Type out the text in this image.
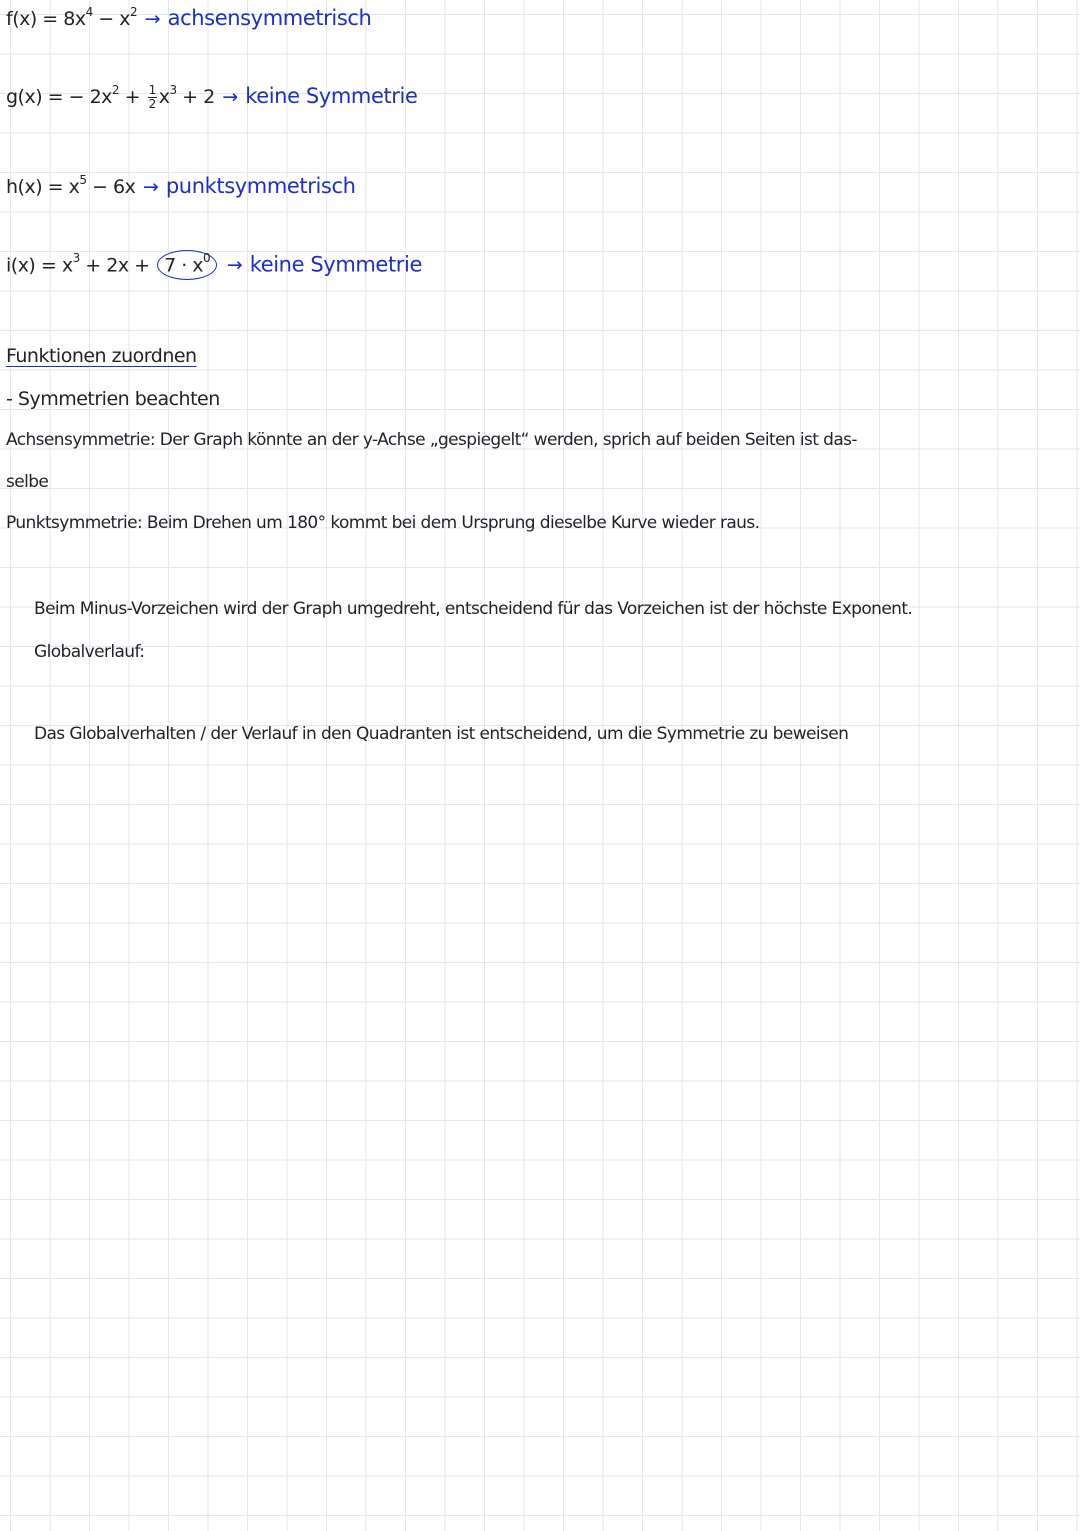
$f(x) = 8x^4 - x^2$ → achsensymmetrisch
g(x) = − $2x^2 + \frac{1}{2} x^3 + 2$ → keine Symmetrie
$h(x) = x^5 - 6x$ → punktsymmetrisch
$i(x) = x^3 + 2x + 7 \cdot x^0$ → keine Symmetrie
Funktionen zuordnen
- Symmetrien beachten
Achsensymmetrie: Der Graph könnte an der y-Achse „gespiegelt“ werden, sprich auf beiden Seiten ist das-
selbe
Punktsymmetrie: Beim Drehen um 180° kommt bei dem Ursprung dieselbe Kurve wieder raus.
Beim Minus-Vorzeichen wird der Graph umgedreht, entscheidend für das Vorzeichen ist der höchste Exponent.
Globalverlauf:
Das Globalverhalten / der Verlauf in den Quadranten ist entscheidend, um die Symmetrie zu beweisen
